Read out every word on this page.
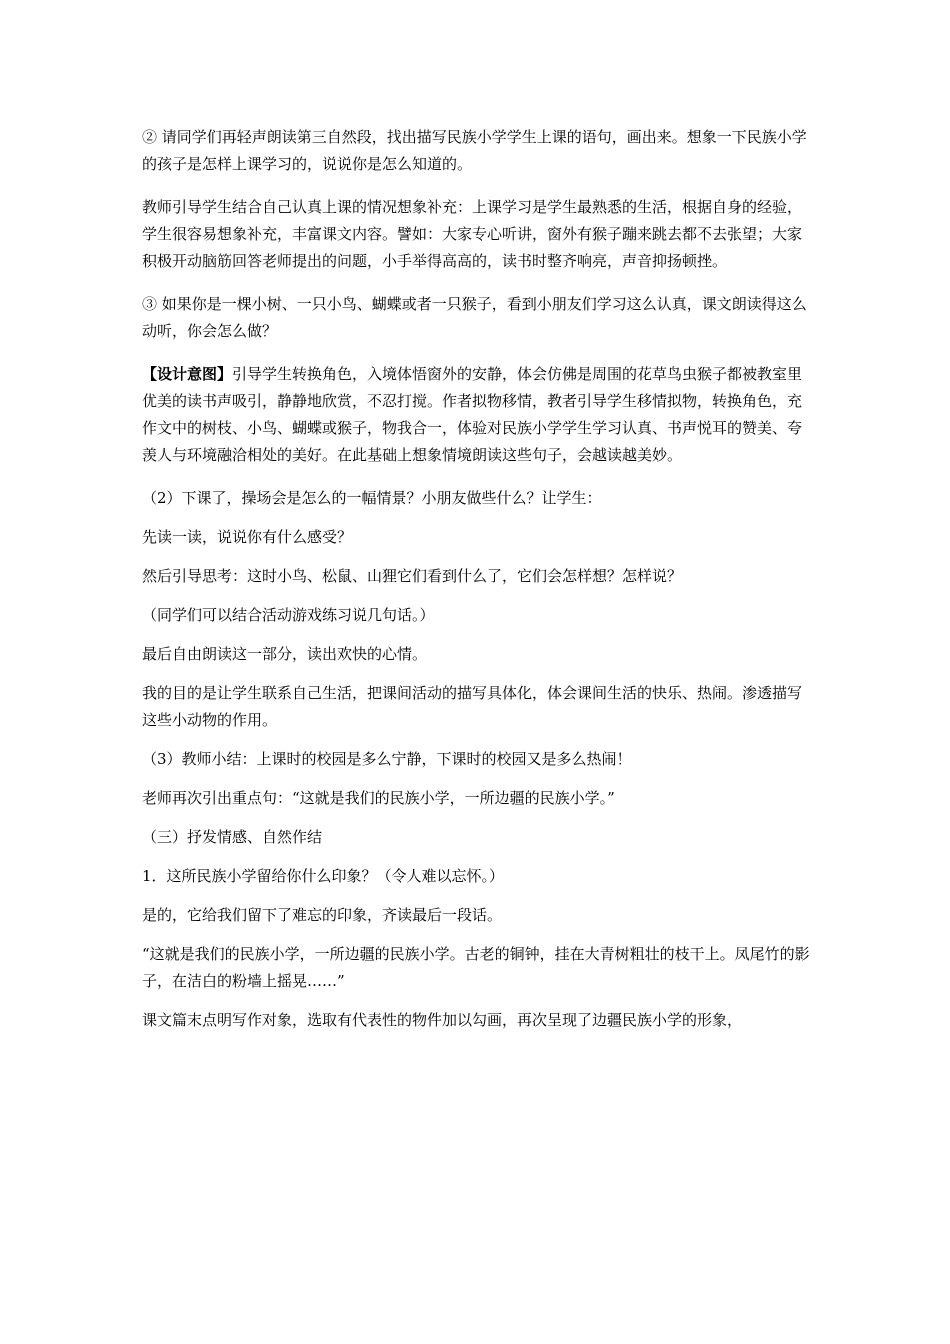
② 请同学们再轻声朗读第三自然段，找出描写民族小学学生上课的语句，画出来。想象一下民族小学的孩子是怎样上课学习的，说说你是怎么知道的。

教师引导学生结合自己认真上课的情况想象补充：上课学习是学生最熟悉的生活，根据自身的经验，学生很容易想象补充，丰富课文内容。譬如：大家专心听讲，窗外有猴子蹦来跳去都不去张望；大家积极开动脑筋回答老师提出的问题，小手举得高高的，读书时整齐响亮，声音抑扬顿挫。

③ 如果你是一棵小树、一只小鸟、蝴蝶或者一只猴子，看到小朋友们学习这么认真，课文朗读得这么动听，你会怎么做？

【设计意图】引导学生转换角色，入境体悟窗外的安静，体会仿佛是周围的花草鸟虫猴子都被教室里优美的读书声吸引，静静地欣赏，不忍打搅。作者拟物移情，教者引导学生移情拟物，转换角色，充作文中的树枝、小鸟、蝴蝶或猴子，物我合一，体验对民族小学学生学习认真、书声悦耳的赞美、夸羡人与环境融洽相处的美好。在此基础上想象情境朗读这些句子，会越读越美妙。

（2）下课了，操场会是怎么的一幅情景？小朋友做些什么？让学生：

先读一读，说说你有什么感受？

然后引导思考：这时小鸟、松鼠、山狸它们看到什么了，它们会怎样想？怎样说？

（同学们可以结合活动游戏练习说几句话。）

最后自由朗读这一部分，读出欢快的心情。

我的目的是让学生联系自己生活，把课间活动的描写具体化，体会课间生活的快乐、热闹。渗透描写这些小动物的作用。

（3）教师小结：上课时的校园是多么宁静，下课时的校园又是多么热闹！

老师再次引出重点句：“这就是我们的民族小学，一所边疆的民族小学。”

（三）抒发情感、自然作结

1．这所民族小学留给你什么印象？（令人难以忘怀。）

是的，它给我们留下了难忘的印象，齐读最后一段话。

“这就是我们的民族小学，一所边疆的民族小学。古老的铜钟，挂在大青树粗壮的枝干上。凤尾竹的影子，在洁白的粉墙上摇晃……”

课文篇末点明写作对象，选取有代表性的物件加以勾画，再次呈现了边疆民族小学的形象，
